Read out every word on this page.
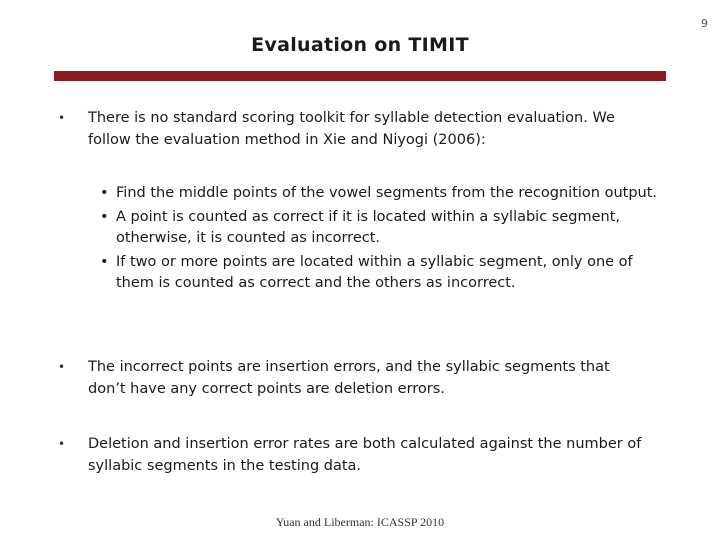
9
Evaluation on TIMIT
• There is no standard scoring toolkit for syllable detection evaluation. We follow the evaluation method in Xie and Niyogi (2006):
• Find the middle points of the vowel segments from the recognition output.
• A point is counted as correct if it is located within a syllabic segment, otherwise, it is counted as incorrect.
• If two or more points are located within a syllabic segment, only one of them is counted as correct and the others as incorrect.
• The incorrect points are insertion errors, and the syllabic segments that don’t have any correct points are deletion errors.
• Deletion and insertion error rates are both calculated against the number of syllabic segments in the testing data.
Yuan and Liberman: ICASSP 2010
